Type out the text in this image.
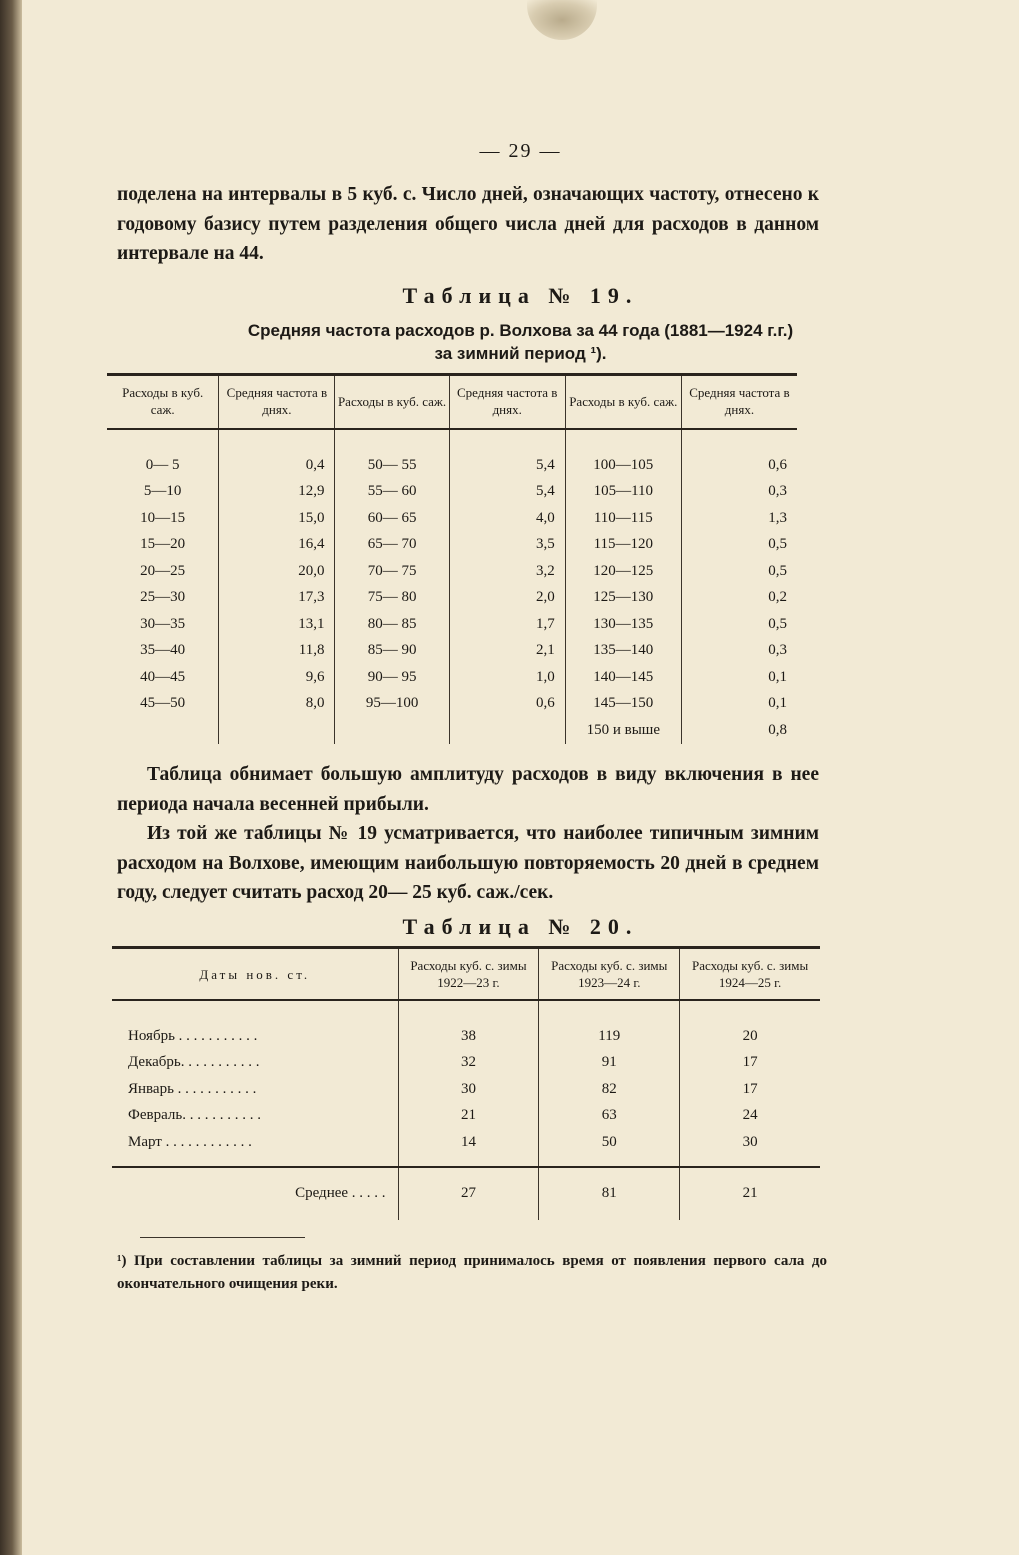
— 29 —

поделена на интервалы в 5 куб. с. Число дней, означающих частоту, отнесено к годовому базису путем разделения общего числа дней для расходов в данном интервале на 44.

Таблица № 19.
Средняя частота расходов р. Волхова за 44 года (1881—1924 г.г.)
за зимний период ¹).
Расходы в куб. саж.	Средняя частота в днях.	Расходы в куб. саж.	Средняя частота в днях.	Расходы в куб. саж.	Средняя частота в днях.

0— 5	0,4	50— 55	5,4	100—105	0,6
5—10	12,9	55— 60	5,4	105—110	0,3
10—15	15,0	60— 65	4,0	110—115	1,3
15—20	16,4	65— 70	3,5	115—120	0,5
20—25	20,0	70— 75	3,2	120—125	0,5
25—30	17,3	75— 80	2,0	125—130	0,2
30—35	13,1	80— 85	1,7	130—135	0,5
35—40	11,8	85— 90	2,1	135—140	0,3
40—45	9,6	90— 95	1,0	140—145	0,1
45—50	8,0	95—100	0,6	145—150	0,1
				150 и выше	0,8

Таблица обнимает большую амплитуду расходов в виду включения в нее периода начала весенней прибыли.

Из той же таблицы № 19 усматривается, что наиболее типичным зимним расходом на Волхове, имеющим наибольшую повторяемость 20 дней в среднем году, следует считать расход 20— 25 куб. саж./сек.

Таблица № 20.
Даты нов. ст.	Расходы куб. с. зимы 1922—23 г.	Расходы куб. с. зимы 1923—24 г.	Расходы куб. с. зимы 1924—25 г.

Ноябрь . . . . . . . . . . .	38	119	20
Декабрь. . . . . . . . . . .	32	91	17
Январь . . . . . . . . . . .	30	82	17
Февраль. . . . . . . . . . .	21	63	24
Март . . . . . . . . . . . .	14	50	30

Среднее . . . . .	27	81	21
¹) При составлении таблицы за зимний период принималось время от появления первого сала до окончательного очищения реки.
